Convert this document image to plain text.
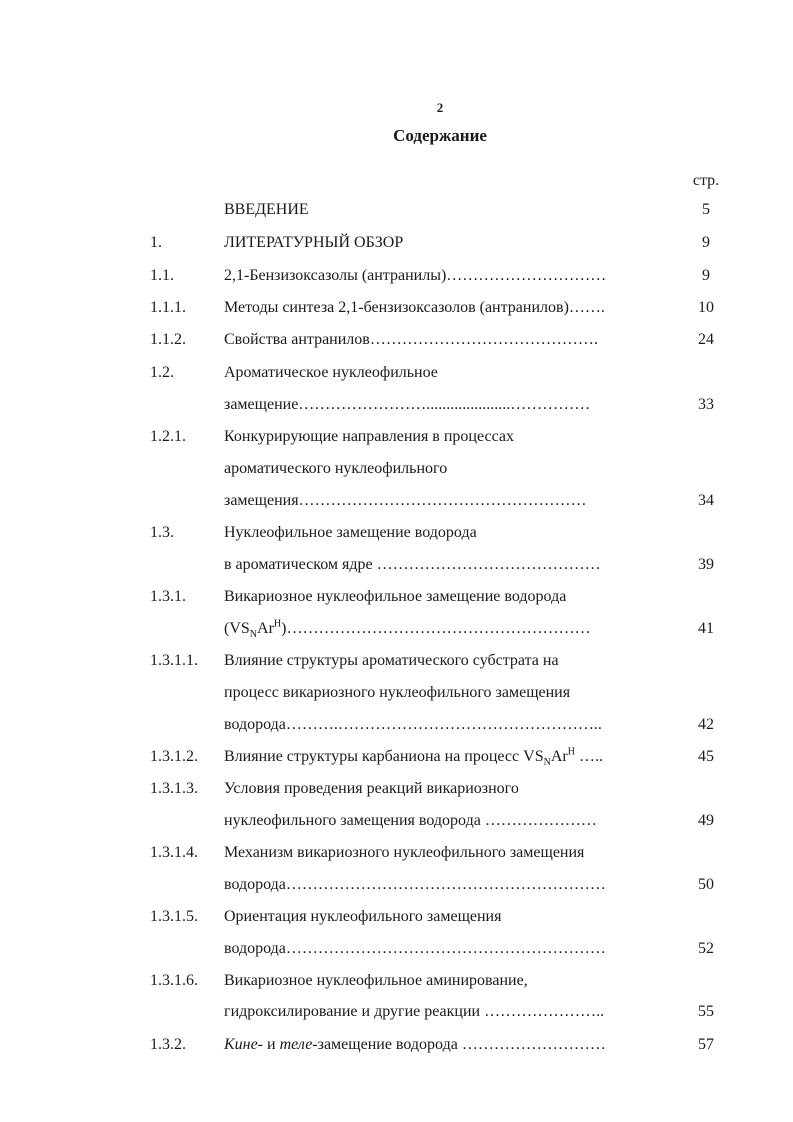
2
Содержание
стр.
ВВЕДЕНИЕ	5
1.	ЛИТЕРАТУРНЫЙ ОБЗОР	9
1.1.	2,1-Бензизоксазолы (антранилы)…………………………	9
1.1.1. Методы синтеза 2,1-бензизоксазолов (антранилов)…….	10
1.1.2. Свойства антранилов…………………………………….	24
1.2.	Ароматическое нуклеофильное
замещение…………………….....................……………	33
1.2.1. Конкурирующие направления в процессах
ароматического нуклеофильного
замещения………………………………………………	34
1.3.	Нуклеофильное замещение водорода
в ароматическом ядре ……………………………………	39
1.3.1. Викариозное нуклеофильное замещение водорода
$(VS_NAr^H)\dots\dots\dots\dots\dots\dots\dots\dots\dots\dots\dots\dots\dots\dots\dots\dots\dots\dots\dots$	41
1.3.1.1. Влияние структуры ароматического субстрата на
процесс викариозного нуклеофильного замещения
водорода……….…………………………………………..	42
1.3.1.2. Влияние структуры карбаниона на процесс $VS_NAr^H$ …..	45
1.3.1.3. Условия проведения реакций викариозного
нуклеофильного замещения водорода …………………	49
1.3.1.4. Механизм викариозного нуклеофильного замещения
водорода……………………………………………………	50
1.3.1.5. Ориентация нуклеофильного замещения
водорода……………………………………………………	52
1.3.1.6. Викариозное нуклеофильное аминирование,
гидроксилирование и другие реакции …………………..	55
1.3.2. Кине- и теле-замещение водорода ………………………	57
